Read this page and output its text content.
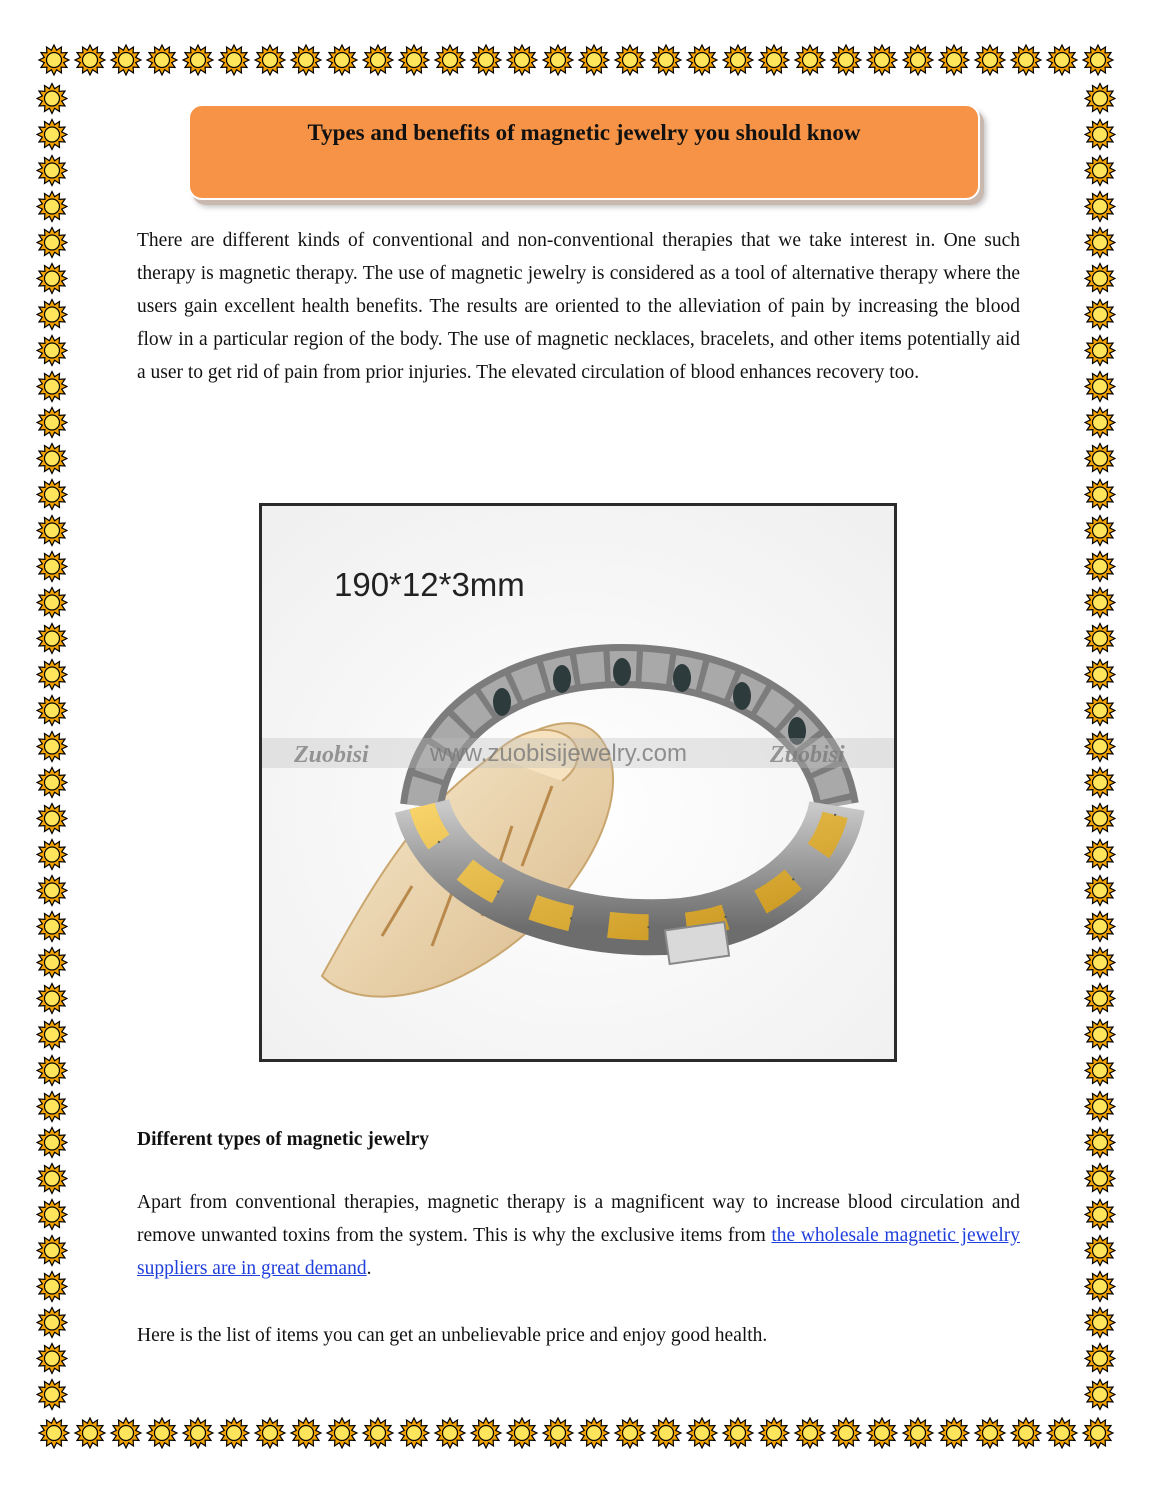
Types and benefits of magnetic jewelry you should know

There are different kinds of conventional and non-conventional therapies that we take interest in. One such therapy is magnetic therapy. The use of magnetic jewelry is considered as a tool of alternative therapy where the users gain excellent health benefits. The results are oriented to the alleviation of pain by increasing the blood flow in a particular region of the body. The use of magnetic necklaces, bracelets, and other items potentially aid a user to get rid of pain from prior injuries. The elevated circulation of blood enhances recovery too.

Zuobisi	www.zuobisijewelry.com	Zuobisi
190*12*3mm
Different types of magnetic jewelry

Apart from conventional therapies, magnetic therapy is a magnificent way to increase blood circulation and remove unwanted toxins from the system. This is why the exclusive items from the wholesale magnetic jewelry suppliers are in great demand.

Here is the list of items you can get an unbelievable price and enjoy good health.
